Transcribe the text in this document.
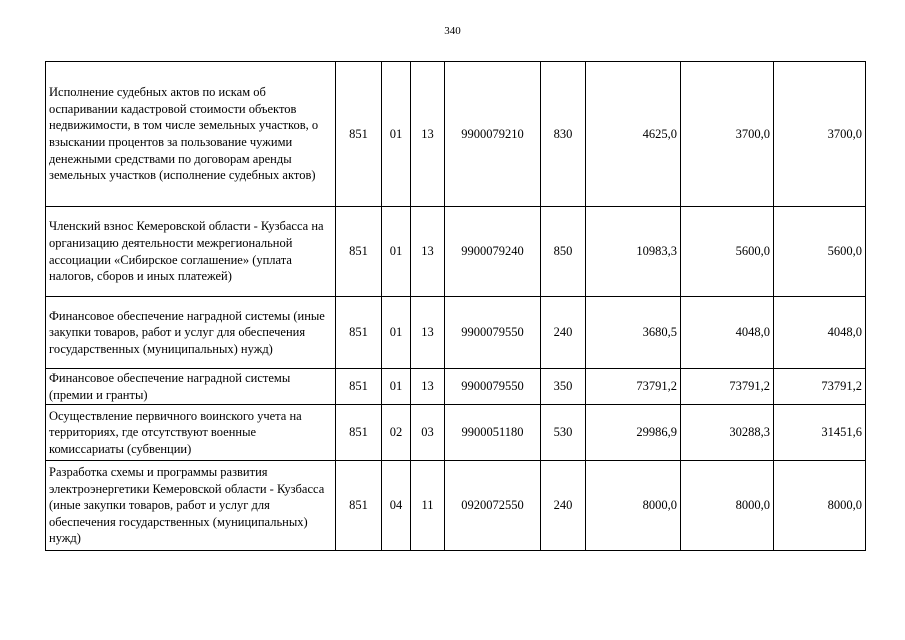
340
Исполнение судебных актов по искам об оспаривании кадастровой стоимости объектов недвижимости, в том числе земельных участков, о взыскании процентов за пользование чужими денежными средствами по договорам аренды земельных участков (исполнение судебных актов)	851	01	13	9900079210	830	4625,0	3700,0	3700,0
Членский взнос Кемеровской области - Кузбасса на организацию деятельности межрегиональной ассоциации «Сибирское соглашение» (уплата налогов, сборов и иных платежей)	851	01	13	9900079240	850	10983,3	5600,0	5600,0
Финансовое обеспечение наградной системы (иные закупки товаров, работ и услуг для обеспечения государственных (муниципальных) нужд)	851	01	13	9900079550	240	3680,5	4048,0	4048,0
Финансовое обеспечение наградной системы (премии и гранты)	851	01	13	9900079550	350	73791,2	73791,2	73791,2
Осуществление первичного воинского учета на территориях, где отсутствуют военные комиссариаты (субвенции)	851	02	03	9900051180	530	29986,9	30288,3	31451,6
Разработка схемы и программы развития электроэнергетики Кемеровской области - Кузбасса (иные закупки товаров, работ и услуг для обеспечения государственных (муниципальных) нужд)	851	04	11	0920072550	240	8000,0	8000,0	8000,0
